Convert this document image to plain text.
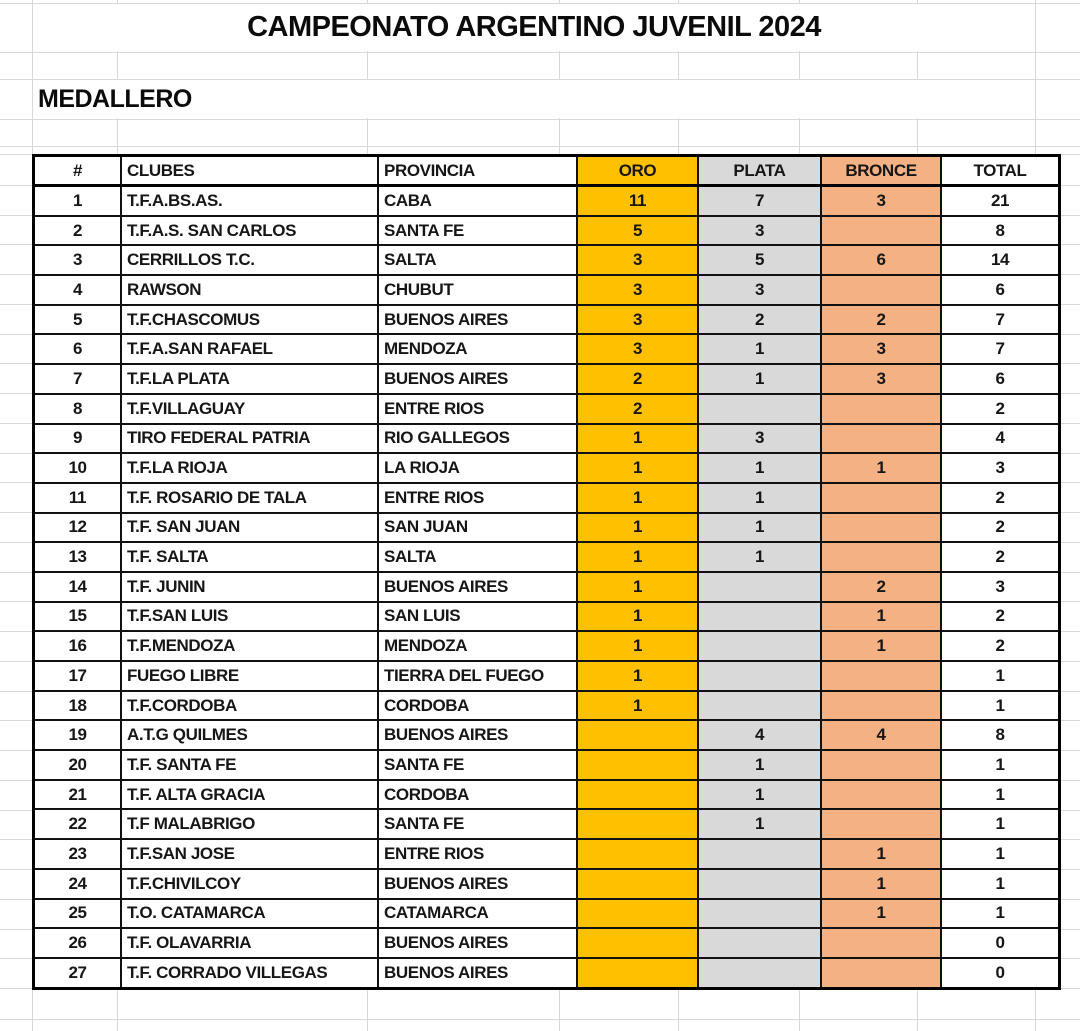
CAMPEONATO ARGENTINO JUVENIL 2024
MEDALLERO
#	CLUBES	PROVINCIA	ORO	PLATA	BRONCE	TOTAL
1	T.F.A.BS.AS.	CABA	11	7	3	21
2	T.F.A.S. SAN CARLOS	SANTA FE	5	3		8
3	CERRILLOS T.C.	SALTA	3	5	6	14
4	RAWSON	CHUBUT	3	3		6
5	T.F.CHASCOMUS	BUENOS AIRES	3	2	2	7
6	T.F.A.SAN RAFAEL	MENDOZA	3	1	3	7
7	T.F.LA PLATA	BUENOS AIRES	2	1	3	6
8	T.F.VILLAGUAY	ENTRE RIOS	2			2
9	TIRO FEDERAL PATRIA	RIO GALLEGOS	1	3		4
10	T.F.LA RIOJA	LA RIOJA	1	1	1	3
11	T.F. ROSARIO DE TALA	ENTRE RIOS	1	1		2
12	T.F. SAN JUAN	SAN JUAN	1	1		2
13	T.F. SALTA	SALTA	1	1		2
14	T.F. JUNIN	BUENOS AIRES	1		2	3
15	T.F.SAN LUIS	SAN LUIS	1		1	2
16	T.F.MENDOZA	MENDOZA	1		1	2
17	FUEGO LIBRE	TIERRA DEL FUEGO	1			1
18	T.F.CORDOBA	CORDOBA	1			1
19	A.T.G QUILMES	BUENOS AIRES		4	4	8
20	T.F. SANTA FE	SANTA FE		1		1
21	T.F. ALTA GRACIA	CORDOBA		1		1
22	T.F MALABRIGO	SANTA FE		1		1
23	T.F.SAN JOSE	ENTRE RIOS			1	1
24	T.F.CHIVILCOY	BUENOS AIRES			1	1
25	T.O. CATAMARCA	CATAMARCA			1	1
26	T.F. OLAVARRIA	BUENOS AIRES				0
27	T.F. CORRADO VILLEGAS	BUENOS AIRES				0
